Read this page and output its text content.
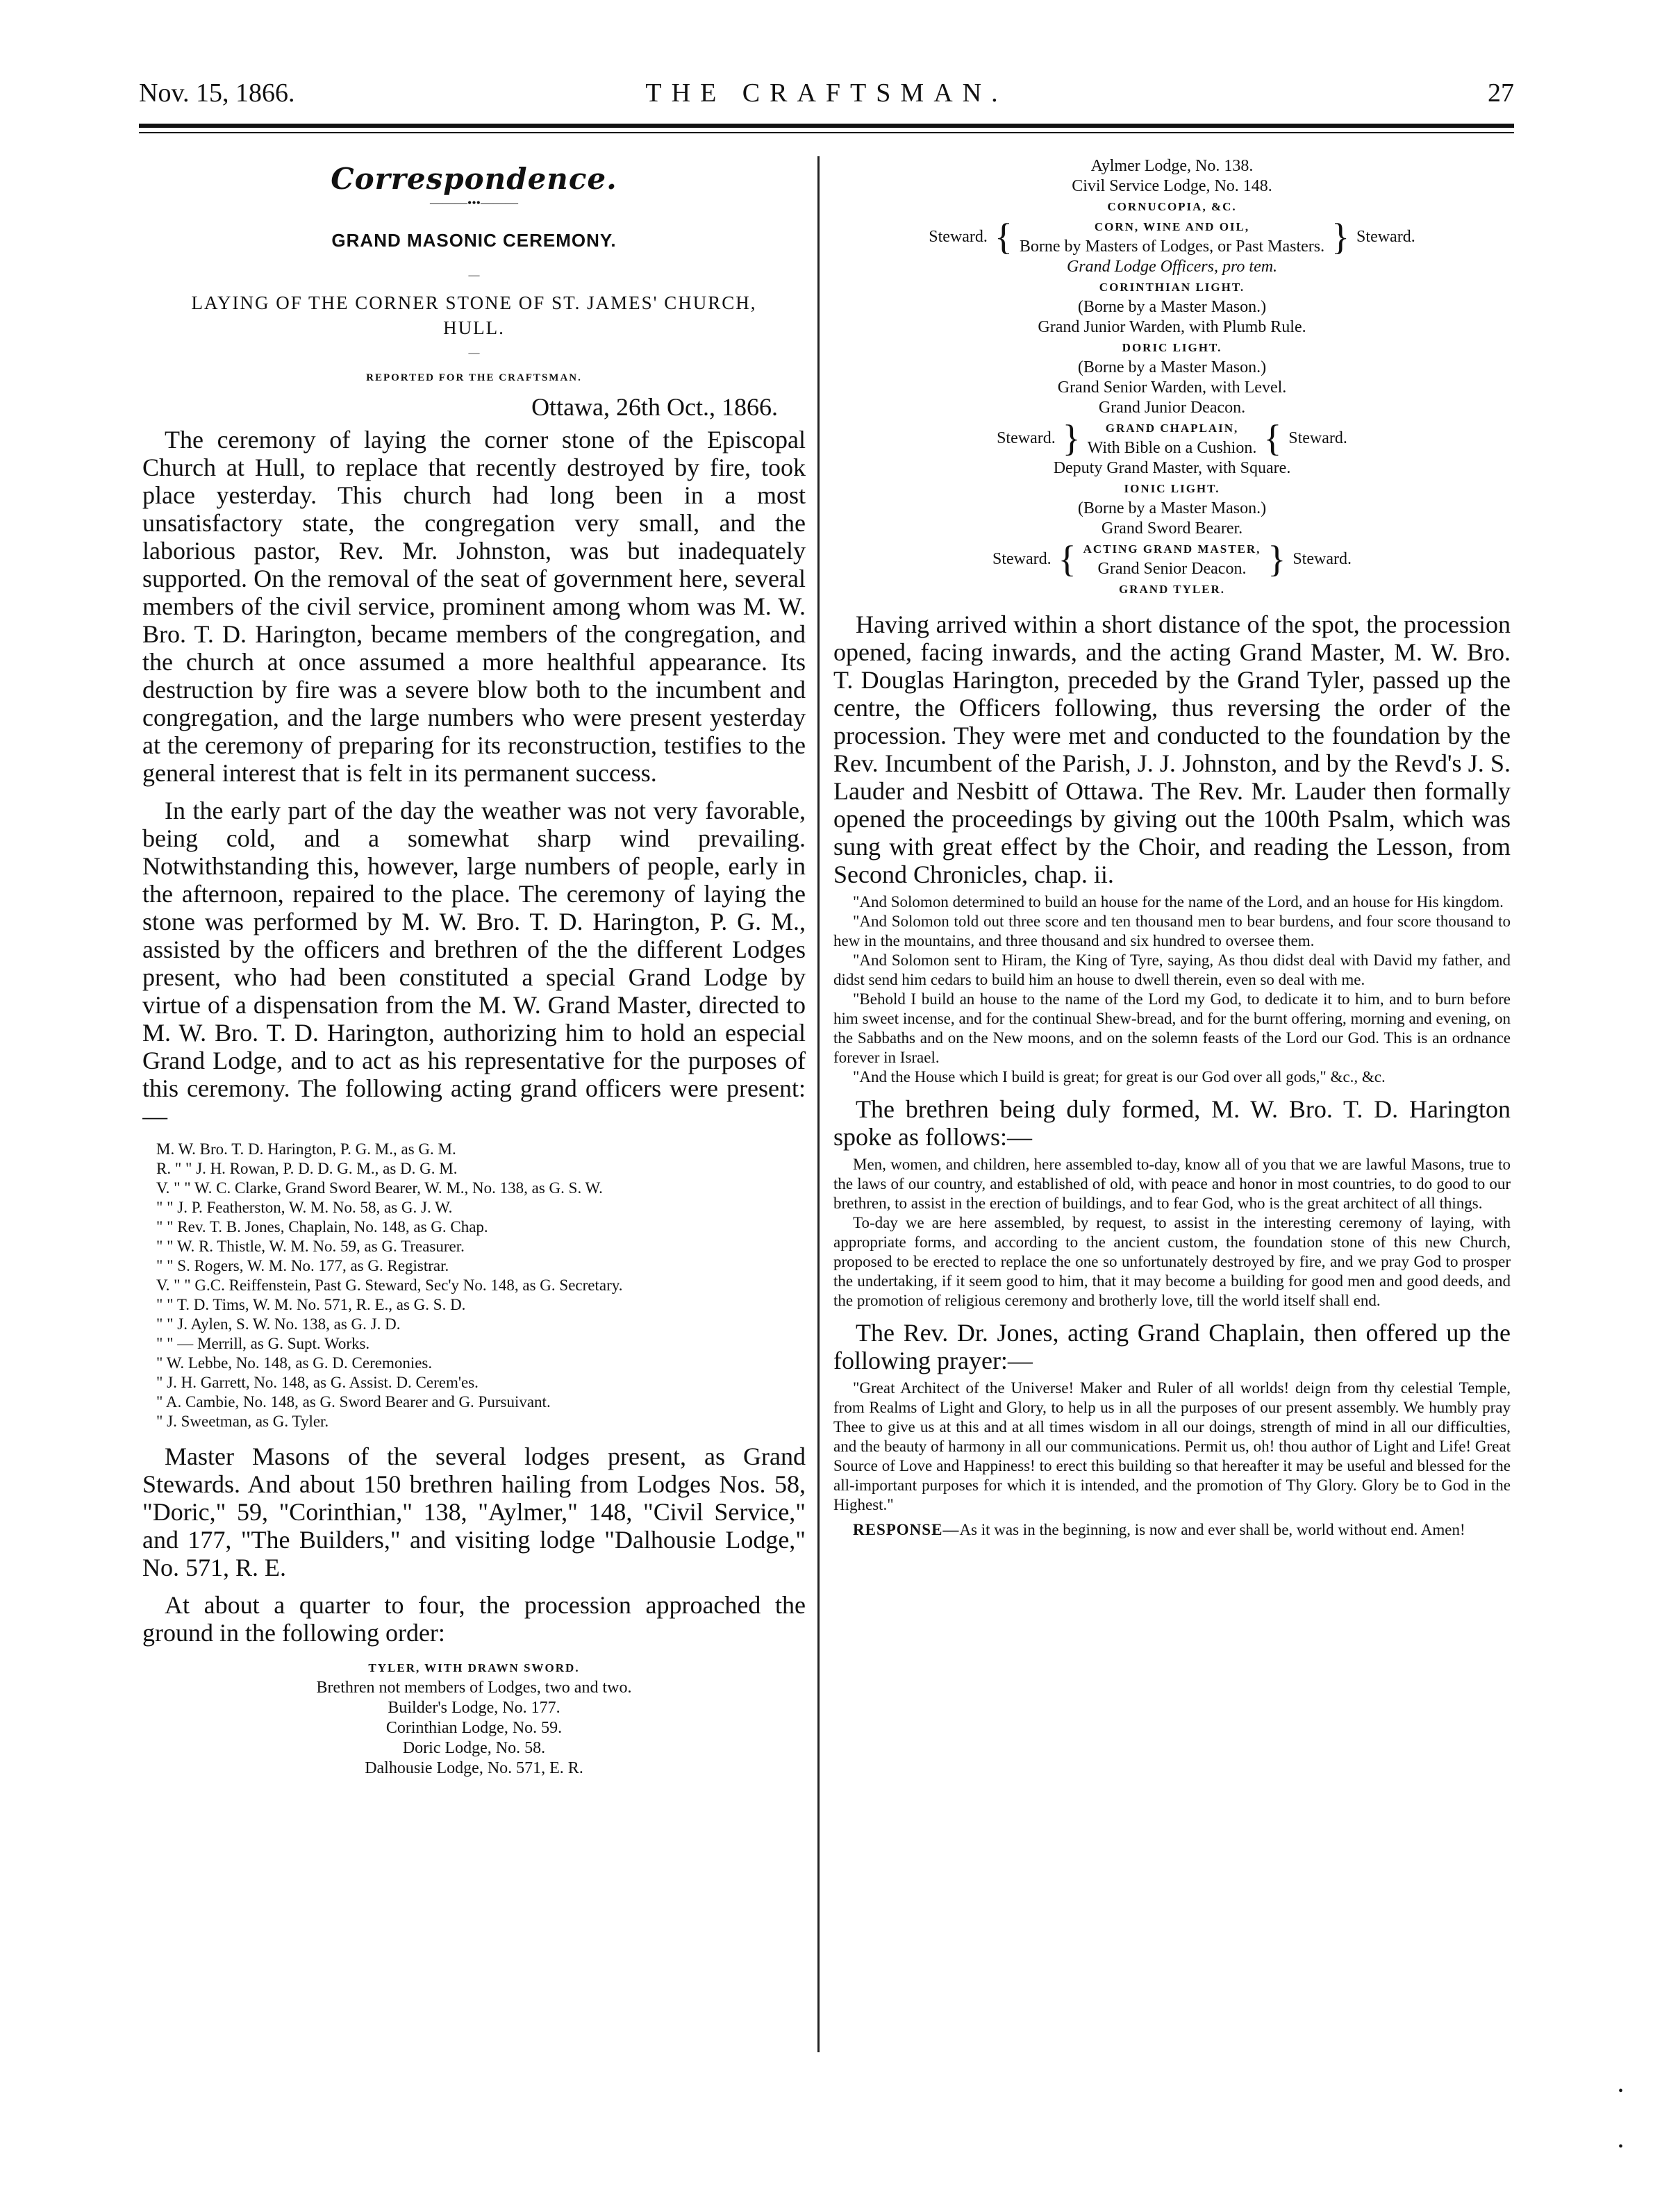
THE CRAFTSMAN.
Nov. 15, 1866.	27
Correspondence.
———•••———
GRAND MASONIC CEREMONY.
—
LAYING OF THE CORNER STONE OF ST. JAMES' CHURCH, HULL.
—
REPORTED FOR THE CRAFTSMAN.
Ottawa, 26th Oct., 1866.

The ceremony of laying the corner stone of the Episcopal Church at Hull, to replace that recently destroyed by fire, took place yesterday. This church had long been in a most unsatisfactory state, the congregation very small, and the laborious pastor, Rev. Mr. Johnston, was but inadequately supported. On the removal of the seat of government here, several members of the civil service, prominent among whom was M. W. Bro. T. D. Harington, became members of the congregation, and the church at once assumed a more healthful appearance. Its destruction by fire was a severe blow both to the incumbent and congregation, and the large numbers who were present yesterday at the ceremony of preparing for its reconstruction, testifies to the general interest that is felt in its permanent success.

In the early part of the day the weather was not very favorable, being cold, and a somewhat sharp wind prevailing. Notwithstanding this, however, large numbers of people, early in the afternoon, repaired to the place. The ceremony of laying the stone was performed by M. W. Bro. T. D. Harington, P. G. M., assisted by the officers and brethren of the the different Lodges present, who had been constituted a special Grand Lodge by virtue of a dispensation from the M. W. Grand Master, directed to M. W. Bro. T. D. Harington, authorizing him to hold an especial Grand Lodge, and to act as his representative for the purposes of this ceremony. The following acting grand officers were present:—

M. W. Bro. T. D. Harington, P. G. M., as G. M.
R. " " J. H. Rowan, P. D. D. G. M., as D. G. M.
V. " " W. C. Clarke, Grand Sword Bearer, W. M., No. 138, as G. S. W.
" " J. P. Featherston, W. M. No. 58, as G. J. W.
" " Rev. T. B. Jones, Chaplain, No. 148, as G. Chap.
" " W. R. Thistle, W. M. No. 59, as G. Treasurer.
" " S. Rogers, W. M. No. 177, as G. Registrar.
V. " " G.C. Reiffenstein, Past G. Steward, Sec'y No. 148, as G. Secretary.
" " T. D. Tims, W. M. No. 571, R. E., as G. S. D.
" " J. Aylen, S. W. No. 138, as G. J. D.
" " — Merrill, as G. Supt. Works.
" W. Lebbe, No. 148, as G. D. Ceremonies.
" J. H. Garrett, No. 148, as G. Assist. D. Cerem'es.
" A. Cambie, No. 148, as G. Sword Bearer and G. Pursuivant.
" J. Sweetman, as G. Tyler.

Master Masons of the several lodges present, as Grand Stewards. And about 150 brethren hailing from Lodges Nos. 58, "Doric," 59, "Corinthian," 138, "Aylmer," 148, "Civil Service," and 177, "The Builders," and visiting lodge "Dalhousie Lodge," No. 571, R. E.

At about a quarter to four, the procession approached the ground in the following order:

TYLER, WITH DRAWN SWORD.
Brethren not members of Lodges, two and two.
Builder's Lodge, No. 177.
Corinthian Lodge, No. 59.
Doric Lodge, No. 58.
Dalhousie Lodge, No. 571, E. R.
Aylmer Lodge, No. 138.
Civil Service Lodge, No. 148.
CORNUCOPIA, &C.
Steward. {	CORN, WINE AND OIL,
Borne by Masters of Lodges, or Past Masters. } Steward.
Grand Lodge Officers, pro tem.
CORINTHIAN LIGHT.
(Borne by a Master Mason.)
Grand Junior Warden, with Plumb Rule.
DORIC LIGHT.
(Borne by a Master Mason.)
Grand Senior Warden, with Level.
Grand Junior Deacon.
Steward. }	GRAND CHAPLAIN,
With Bible on a Cushion. { Steward.
Deputy Grand Master, with Square.
IONIC LIGHT.
(Borne by a Master Mason.)
Grand Sword Bearer.
Steward. { ACTING GRAND MASTER,
Grand Senior Deacon. } Steward.
GRAND TYLER.

Having arrived within a short distance of the spot, the procession opened, facing inwards, and the acting Grand Master, M. W. Bro. T. Douglas Harington, preceded by the Grand Tyler, passed up the centre, the Officers following, thus reversing the order of the procession. They were met and conducted to the foundation by the Rev. Incumbent of the Parish, J. J. Johnston, and by the Revd's J. S. Lauder and Nesbitt of Ottawa. The Rev. Mr. Lauder then formally opened the proceedings by giving out the 100th Psalm, which was sung with great effect by the Choir, and reading the Lesson, from Second Chronicles, chap. ii.

"And Solomon determined to build an house for the name of the Lord, and an house for His kingdom.

"And Solomon told out three score and ten thousand men to bear burdens, and four score thousand to hew in the mountains, and three thousand and six hundred to oversee them.

"And Solomon sent to Hiram, the King of Tyre, saying, As thou didst deal with David my father, and didst send him cedars to build him an house to dwell therein, even so deal with me.

"Behold I build an house to the name of the Lord my God, to dedicate it to him, and to burn before him sweet incense, and for the continual Shew-bread, and for the burnt offering, morning and evening, on the Sabbaths and on the New moons, and on the solemn feasts of the Lord our God. This is an ordnance forever in Israel.

"And the House which I build is great; for great is our God over all gods," &c., &c.

The brethren being duly formed, M. W. Bro. T. D. Harington spoke as follows:—

Men, women, and children, here assembled to-day, know all of you that we are lawful Masons, true to the laws of our country, and established of old, with peace and honor in most countries, to do good to our brethren, to assist in the erection of buildings, and to fear God, who is the great architect of all things.

To-day we are here assembled, by request, to assist in the interesting ceremony of laying, with appropriate forms, and according to the ancient custom, the foundation stone of this new Church, proposed to be erected to replace the one so unfortunately destroyed by fire, and we pray God to prosper the undertaking, if it seem good to him, that it may become a building for good men and good deeds, and the promotion of religious ceremony and brotherly love, till the world itself shall end.

The Rev. Dr. Jones, acting Grand Chaplain, then offered up the following prayer:—

"Great Architect of the Universe! Maker and Ruler of all worlds! deign from thy celestial Temple, from Realms of Light and Glory, to help us in all the purposes of our present assembly. We humbly pray Thee to give us at this and at all times wisdom in all our doings, strength of mind in all our difficulties, and the beauty of harmony in all our communications. Permit us, oh! thou author of Light and Life! Great Source of Love and Happiness! to erect this building so that hereafter it may be useful and blessed for the all-important purposes for which it is intended, and the promotion of Thy Glory. Glory be to God in the Highest."

RESPONSE—As it was in the beginning, is now and ever shall be, world without end. Amen!

•
•
